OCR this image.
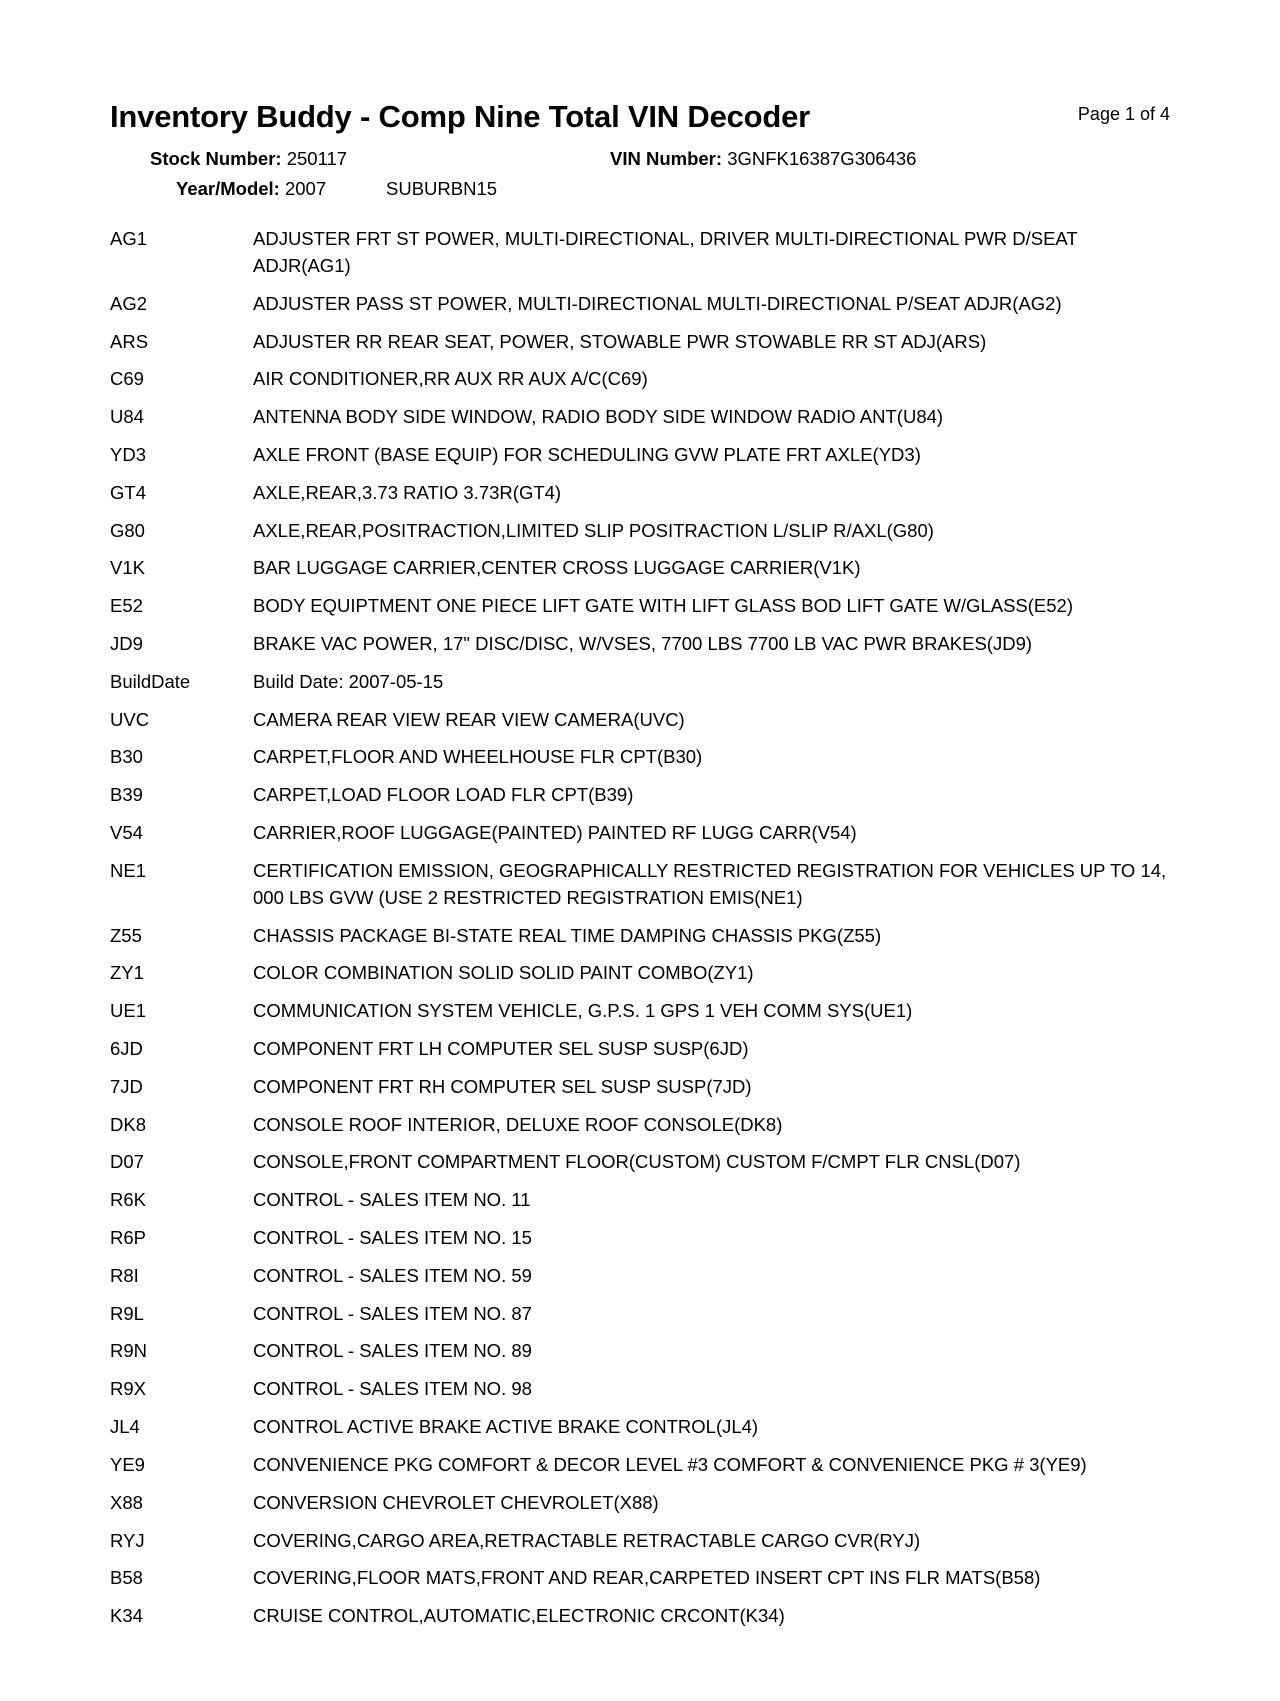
Inventory Buddy - Comp Nine Total VIN Decoder	Page 1 of 4
Stock Number: 250117	VIN Number: 3GNFK16387G306436
Year/Model: 2007	SUBURBN15
AG1	ADJUSTER FRT ST POWER, MULTI-DIRECTIONAL, DRIVER MULTI-DIRECTIONAL PWR D/SEAT ADJR(AG1)
AG2	ADJUSTER PASS ST POWER, MULTI-DIRECTIONAL MULTI-DIRECTIONAL P/SEAT ADJR(AG2)
ARS	ADJUSTER RR REAR SEAT, POWER, STOWABLE PWR STOWABLE RR ST ADJ(ARS)
C69	AIR CONDITIONER,RR AUX RR AUX A/C(C69)
U84	ANTENNA BODY SIDE WINDOW, RADIO BODY SIDE WINDOW RADIO ANT(U84)
YD3	AXLE FRONT (BASE EQUIP) FOR SCHEDULING GVW PLATE FRT AXLE(YD3)
GT4	AXLE,REAR,3.73 RATIO 3.73R(GT4)
G80	AXLE,REAR,POSITRACTION,LIMITED SLIP POSITRACTION L/SLIP R/AXL(G80)
V1K	BAR LUGGAGE CARRIER,CENTER CROSS LUGGAGE CARRIER(V1K)
E52	BODY EQUIPTMENT ONE PIECE LIFT GATE WITH LIFT GLASS BOD LIFT GATE W/GLASS(E52)
JD9	BRAKE VAC POWER, 17" DISC/DISC, W/VSES, 7700 LBS 7700 LB VAC PWR BRAKES(JD9)
BuildDate	Build Date: 2007-05-15
UVC	CAMERA REAR VIEW REAR VIEW CAMERA(UVC)
B30	CARPET,FLOOR AND WHEELHOUSE FLR CPT(B30)
B39	CARPET,LOAD FLOOR LOAD FLR CPT(B39)
V54	CARRIER,ROOF LUGGAGE(PAINTED) PAINTED RF LUGG CARR(V54)
NE1	CERTIFICATION EMISSION, GEOGRAPHICALLY RESTRICTED REGISTRATION FOR VEHICLES UP TO 14, 000 LBS GVW (USE 2 RESTRICTED REGISTRATION EMIS(NE1)
Z55	CHASSIS PACKAGE BI-STATE REAL TIME DAMPING CHASSIS PKG(Z55)
ZY1	COLOR COMBINATION SOLID SOLID PAINT COMBO(ZY1)
UE1	COMMUNICATION SYSTEM VEHICLE, G.P.S. 1 GPS 1 VEH COMM SYS(UE1)
6JD	COMPONENT FRT LH COMPUTER SEL SUSP SUSP(6JD)
7JD	COMPONENT FRT RH COMPUTER SEL SUSP SUSP(7JD)
DK8	CONSOLE ROOF INTERIOR, DELUXE ROOF CONSOLE(DK8)
D07	CONSOLE,FRONT COMPARTMENT FLOOR(CUSTOM) CUSTOM F/CMPT FLR CNSL(D07)
R6K	CONTROL - SALES ITEM NO. 11
R6P	CONTROL - SALES ITEM NO. 15
R8I	CONTROL - SALES ITEM NO. 59
R9L	CONTROL - SALES ITEM NO. 87
R9N	CONTROL - SALES ITEM NO. 89
R9X	CONTROL - SALES ITEM NO. 98
JL4	CONTROL ACTIVE BRAKE ACTIVE BRAKE CONTROL(JL4)
YE9	CONVENIENCE PKG COMFORT & DECOR LEVEL #3 COMFORT & CONVENIENCE PKG # 3(YE9)
X88	CONVERSION CHEVROLET CHEVROLET(X88)
RYJ	COVERING,CARGO AREA,RETRACTABLE RETRACTABLE CARGO CVR(RYJ)
B58	COVERING,FLOOR MATS,FRONT AND REAR,CARPETED INSERT CPT INS FLR MATS(B58)
K34	CRUISE CONTROL,AUTOMATIC,ELECTRONIC CRCONT(K34)
